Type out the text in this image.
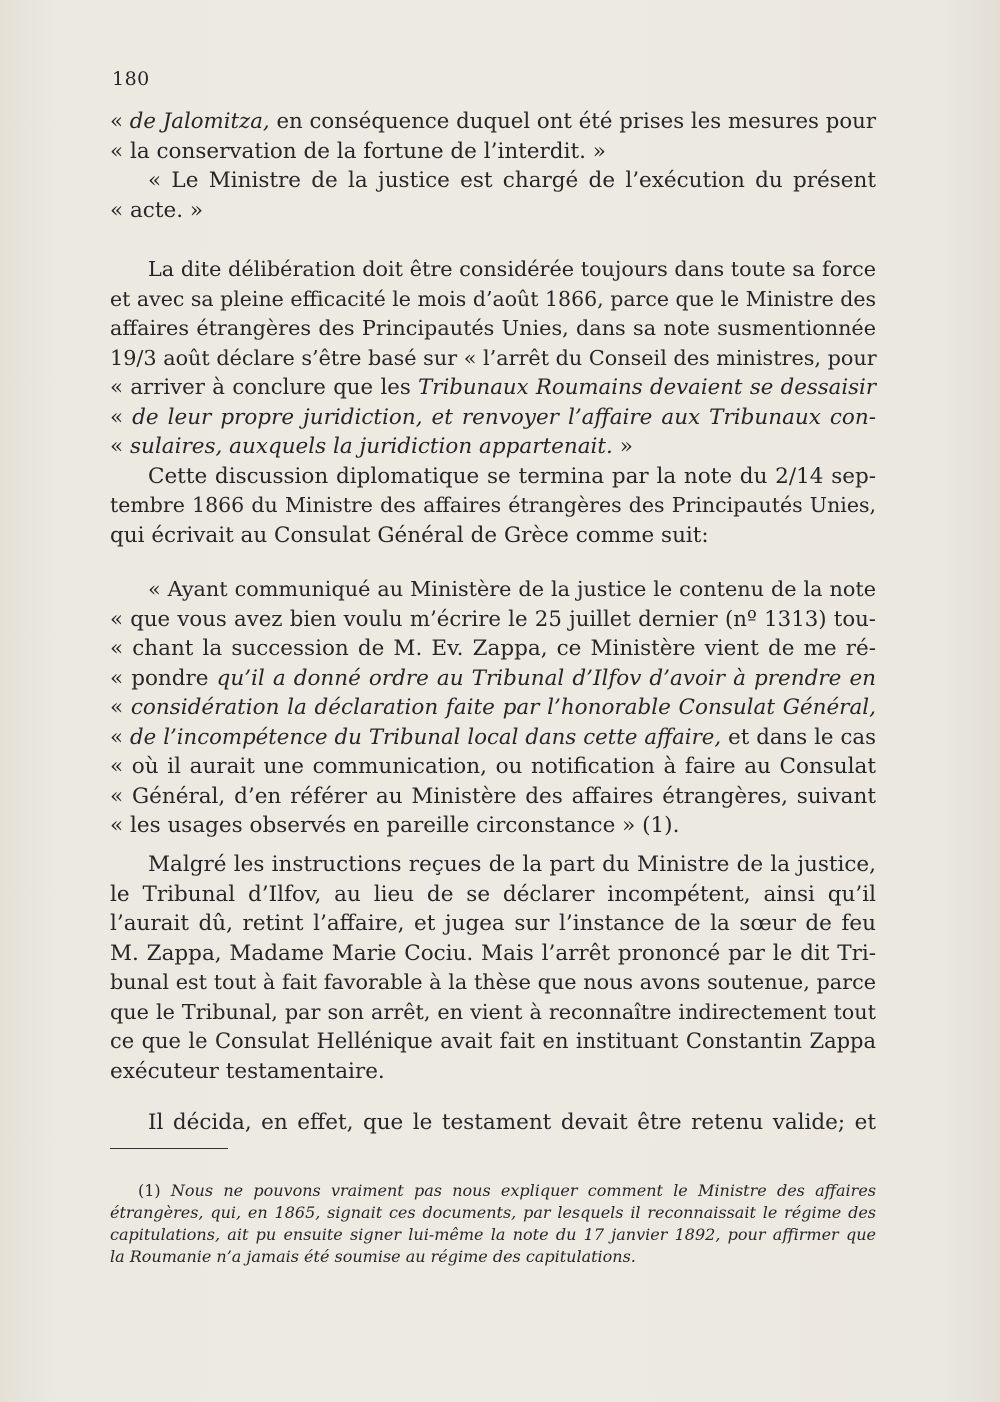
180
« de Jalomitza, en conséquence duquel ont été prises les mesures pour
« la conservation de la fortune de l’interdit. »
« Le Ministre de la justice est chargé de l’exécution du présent
« acte. »
La dite délibération doit être considérée toujours dans toute sa force
et avec sa pleine efficacité le mois d’août 1866, parce que le Ministre des
affaires étrangères des Principautés Unies, dans sa note susmentionnée
19/3 août déclare s’être basé sur « l’arrêt du Conseil des ministres, pour
« arriver à conclure que les Tribunaux Roumains devaient se dessaisir
« de leur propre juridiction, et renvoyer l’affaire aux Tribunaux con-
« sulaires, auxquels la juridiction appartenait. »
Cette discussion diplomatique se termina par la note du 2/14 sep-
tembre 1866 du Ministre des affaires étrangères des Principautés Unies,
qui écrivait au Consulat Général de Grèce comme suit:
« Ayant communiqué au Ministère de la justice le contenu de la note
« que vous avez bien voulu m’écrire le 25 juillet dernier (nº 1313) tou-
« chant la succession de M. Ev. Zappa, ce Ministère vient de me ré-
« pondre qu’il a donné ordre au Tribunal d’Ilfov d’avoir à prendre en
« considération la déclaration faite par l’honorable Consulat Général,
« de l’incompétence du Tribunal local dans cette affaire, et dans le cas
« où il aurait une communication, ou notification à faire au Consulat
« Général, d’en référer au Ministère des affaires étrangères, suivant
« les usages observés en pareille circonstance » (1).
Malgré les instructions reçues de la part du Ministre de la justice,
le Tribunal d’Ilfov, au lieu de se déclarer incompétent, ainsi qu’il
l’aurait dû, retint l’affaire, et jugea sur l’instance de la sœur de feu
M. Zappa, Madame Marie Cociu. Mais l’arrêt prononcé par le dit Tri-
bunal est tout à fait favorable à la thèse que nous avons soutenue, parce
que le Tribunal, par son arrêt, en vient à reconnaître indirectement tout
ce que le Consulat Hellénique avait fait en instituant Constantin Zappa
exécuteur testamentaire.
Il décida, en effet, que le testament devait être retenu valide; et
(1) Nous ne pouvons vraiment pas nous expliquer comment le Ministre des affaires
étrangères, qui, en 1865, signait ces documents, par lesquels il reconnaissait le régime des
capitulations, ait pu ensuite signer lui-même la note du 17 janvier 1892, pour affirmer que
la Roumanie n’a jamais été soumise au régime des capitulations.
